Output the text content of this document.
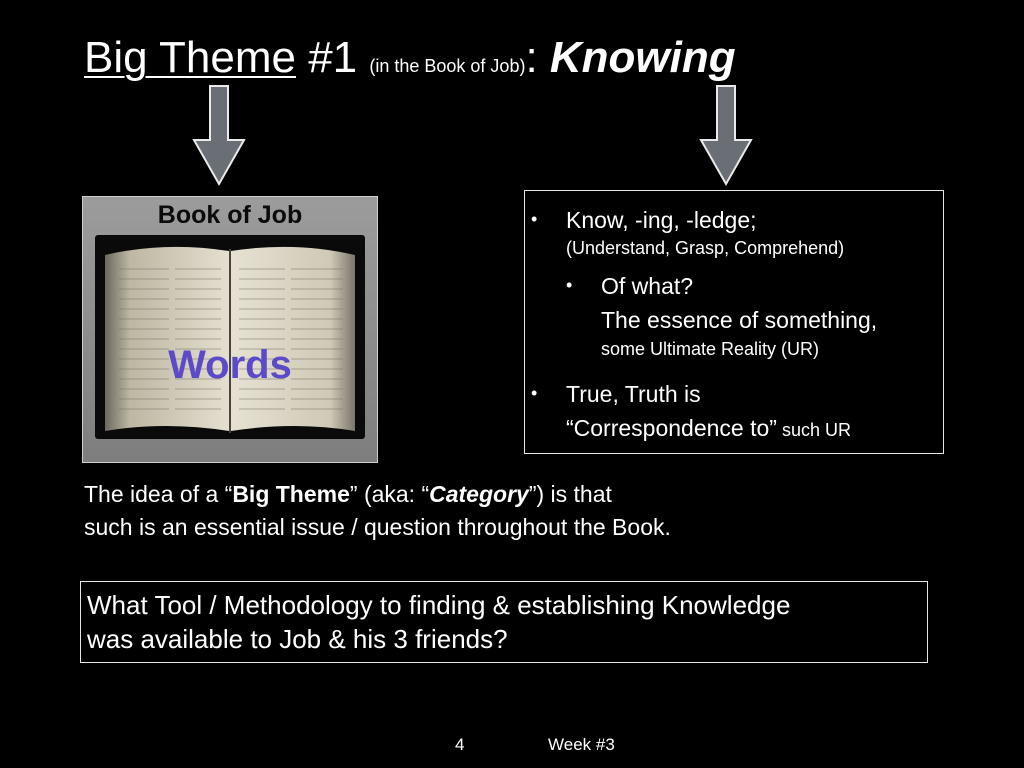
Big Theme #1 (in the Book of Job): Knowing
Book of Job
Words
• Know, -ing, -ledge;
(Understand, Grasp, Comprehend)
• Of what?
The essence of something,
some Ultimate Reality (UR)
• True, Truth is
“Correspondence to” such UR
The idea of a “Big Theme” (aka: “Category”) is that
such is an essential issue / question throughout the Book.
What Tool / Methodology to finding & establishing Knowledge
was available to Job & his 3 friends?
4	Week #3
